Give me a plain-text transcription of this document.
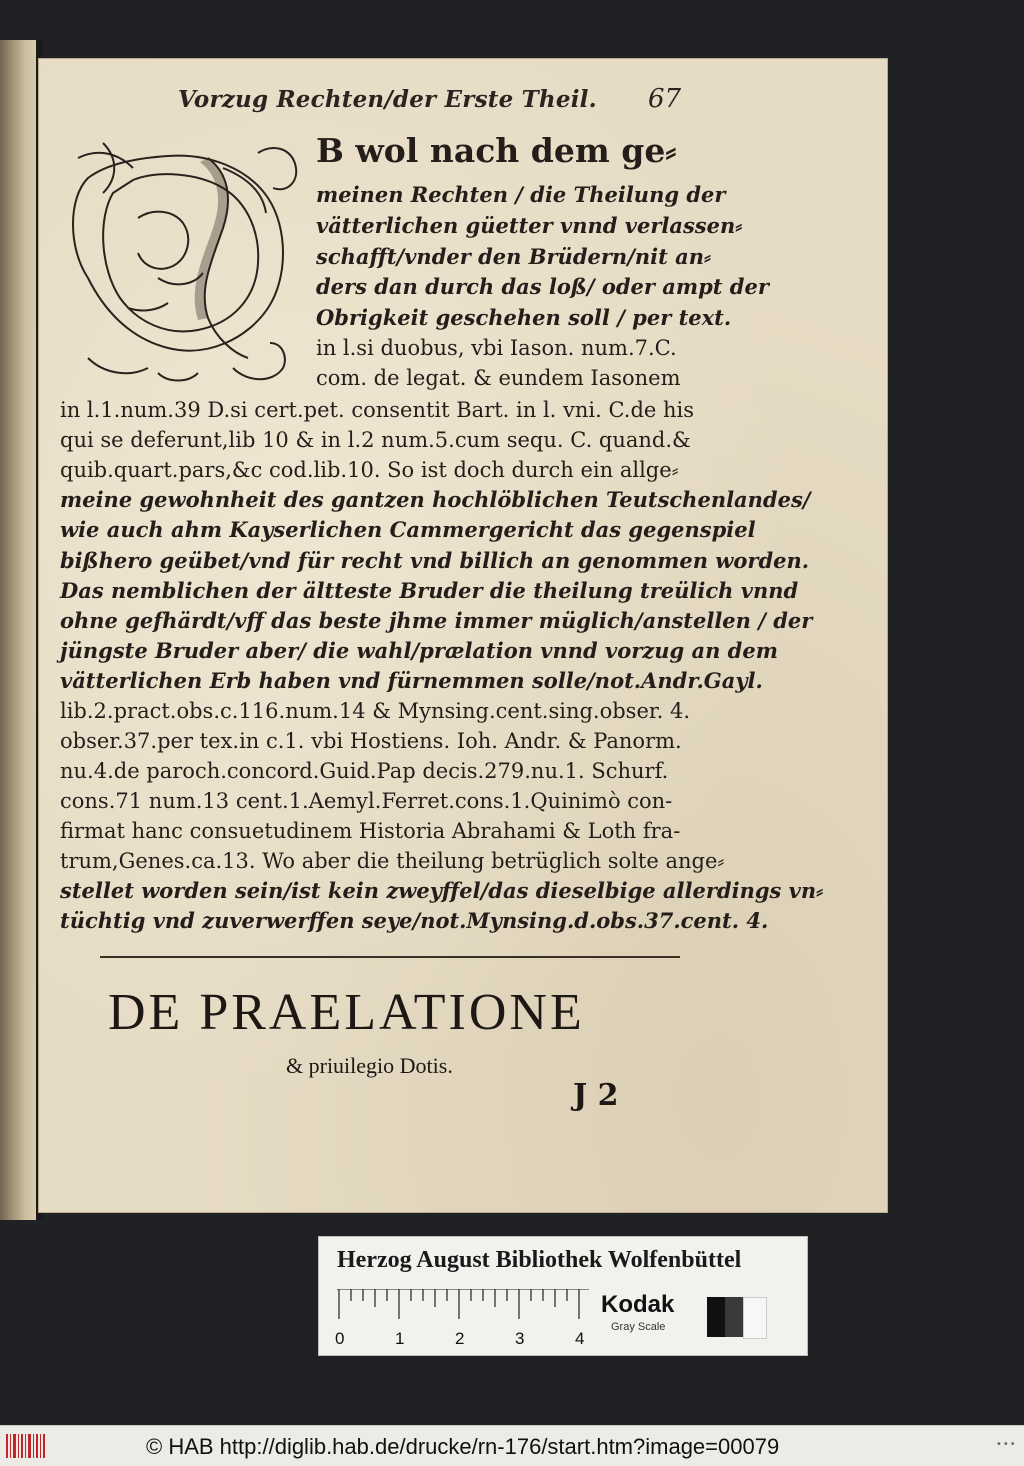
Vorzug Rechten/der Erste Theil.	67
B wol nach dem ge⸗
meinen Rechten / die Theilung der
vätterlichen güetter vnnd verlassen⸗
schafft/vnder den Brüdern/nit an⸗
ders dan durch das loß/ oder ampt der
Obrigkeit geschehen soll / per text.
in l.si duobus, vbi Iason. num.7.C.
com. de legat. & eundem Iasonem
in l.1.num.39 D.si cert.pet. consentit Bart. in l. vni. C.de his
qui se deferunt,lib 10 & in l.2 num.5.cum sequ. C. quand.&
quib.quart.pars,&c cod.lib.10. So ist doch durch ein allge⸗
meine gewohnheit des gantzen hochlöblichen Teutschenlandes/
wie auch ahm Kayserlichen Cammergericht das gegenspiel
bißhero geübet/vnd für recht vnd billich an genommen worden.
Das nemblichen der älttestе Bruder die theilung treülich vnnd
ohne gefhärdt/vff das beste jhme immer müglich/anstellen / der
jüngste Bruder aber/ die wahl/prælation vnnd vorzug an dem
vätterlichen Erb haben vnd fürnemmen solle/not.Andr.Gayl.
lib.2.pract.obs.c.116.num.14 & Mynsing.cent.sing.obser. 4.
obser.37.per tex.in c.1. vbi Hostiens. Ioh. Andr. & Panorm.
nu.4.de paroch.concord.Guid.Pap decis.279.nu.1. Schurf.
cons.71 num.13 cent.1.Aemyl.Ferret.cons.1.Quinimò con-
firmat hanc consuetudinem Historia Abrahami & Loth fra-
trum,Genes.ca.13. Wo aber die theilung betrüglich solte ange⸗
stellet worden sein/ist kein zweyffel/das dieselbige allerdings vn⸗
tüchtig vnd zuverwerffen seye/not.Mynsing.d.obs.37.cent. 4.
DE PRAELATIONE
& priuilegio Dotis.
J 2
Herzog August Bibliothek Wolfenbüttel
0	1	2	3	4
Kodak
Gray Scale
© HAB http://diglib.hab.de/drucke/rn-176/start.htm?image=00079	•••
